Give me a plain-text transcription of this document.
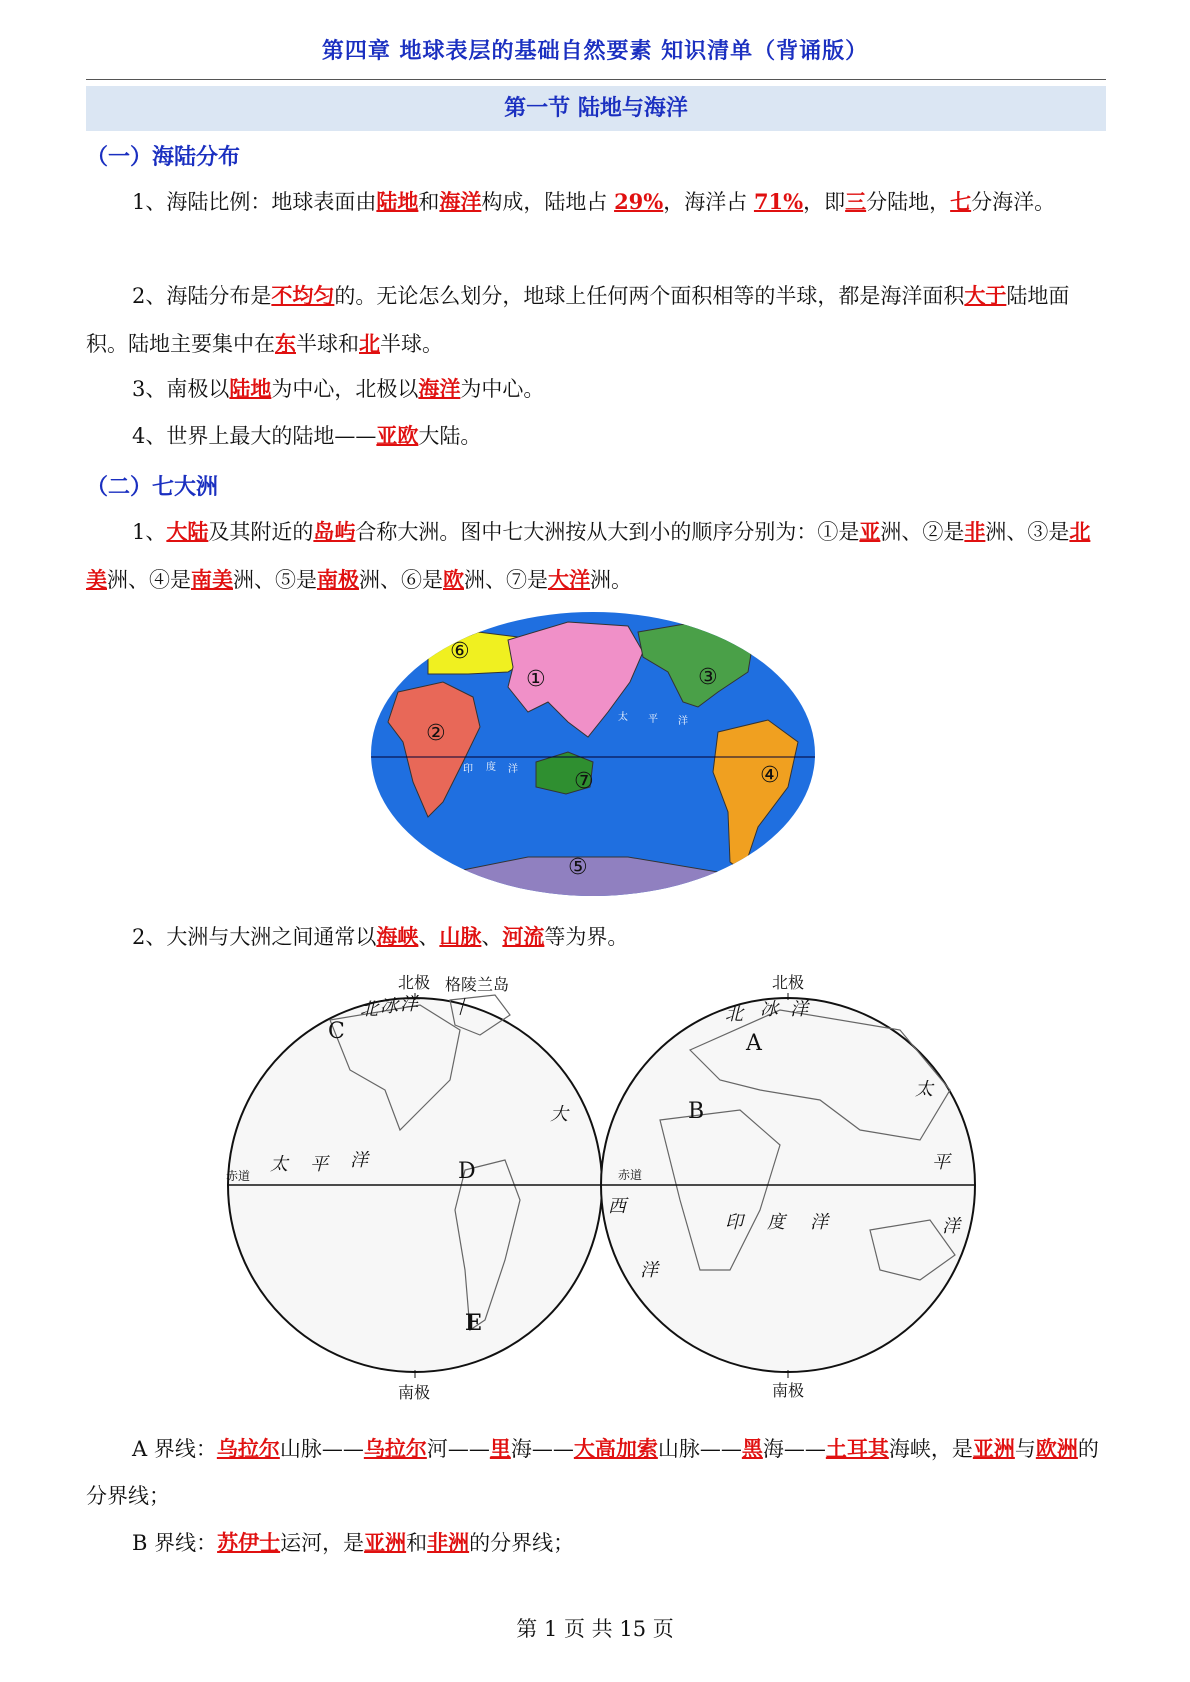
第四章 地球表层的基础自然要素 知识清单（背诵版）
第一节 陆地与海洋
（一）海陆分布
1、海陆比例：地球表面由陆地和海洋构成，陆地占 29%，海洋占 71%，即三分陆地，七分海洋。
2、海陆分布是不均匀的。无论怎么划分，地球上任何两个面积相等的半球，都是海洋面积大于陆地面积。陆地主要集中在东半球和北半球。
3、南极以陆地为中心，北极以海洋为中心。
4、世界上最大的陆地——亚欧大陆。
（二）七大洲
1、大陆及其附近的岛屿合称大洲。图中七大洲按从大到小的顺序分别为：①是亚洲、②是非洲、③是北美洲、④是南美洲、⑤是南极洲、⑥是欧洲、⑦是大洋洲。
①
②
③
④
⑤
⑥
⑦
太 平 洋
印 度 洋
2、大洲与大洲之间通常以海峡、山脉、河流等为界。
北极	北极
格陵兰岛
南极	南极
北 冰 洋	北 冰 洋
太 平 洋
大
太
平
洋
西
洋
印 度 洋
赤道	赤道
A
B
C
D
E
A 界线：乌拉尔山脉——乌拉尔河——里海——大高加索山脉——黑海——土耳其海峡，是亚洲与欧洲的分界线；
B 界线：苏伊士运河，是亚洲和非洲的分界线；
第 1 页 共 15 页
